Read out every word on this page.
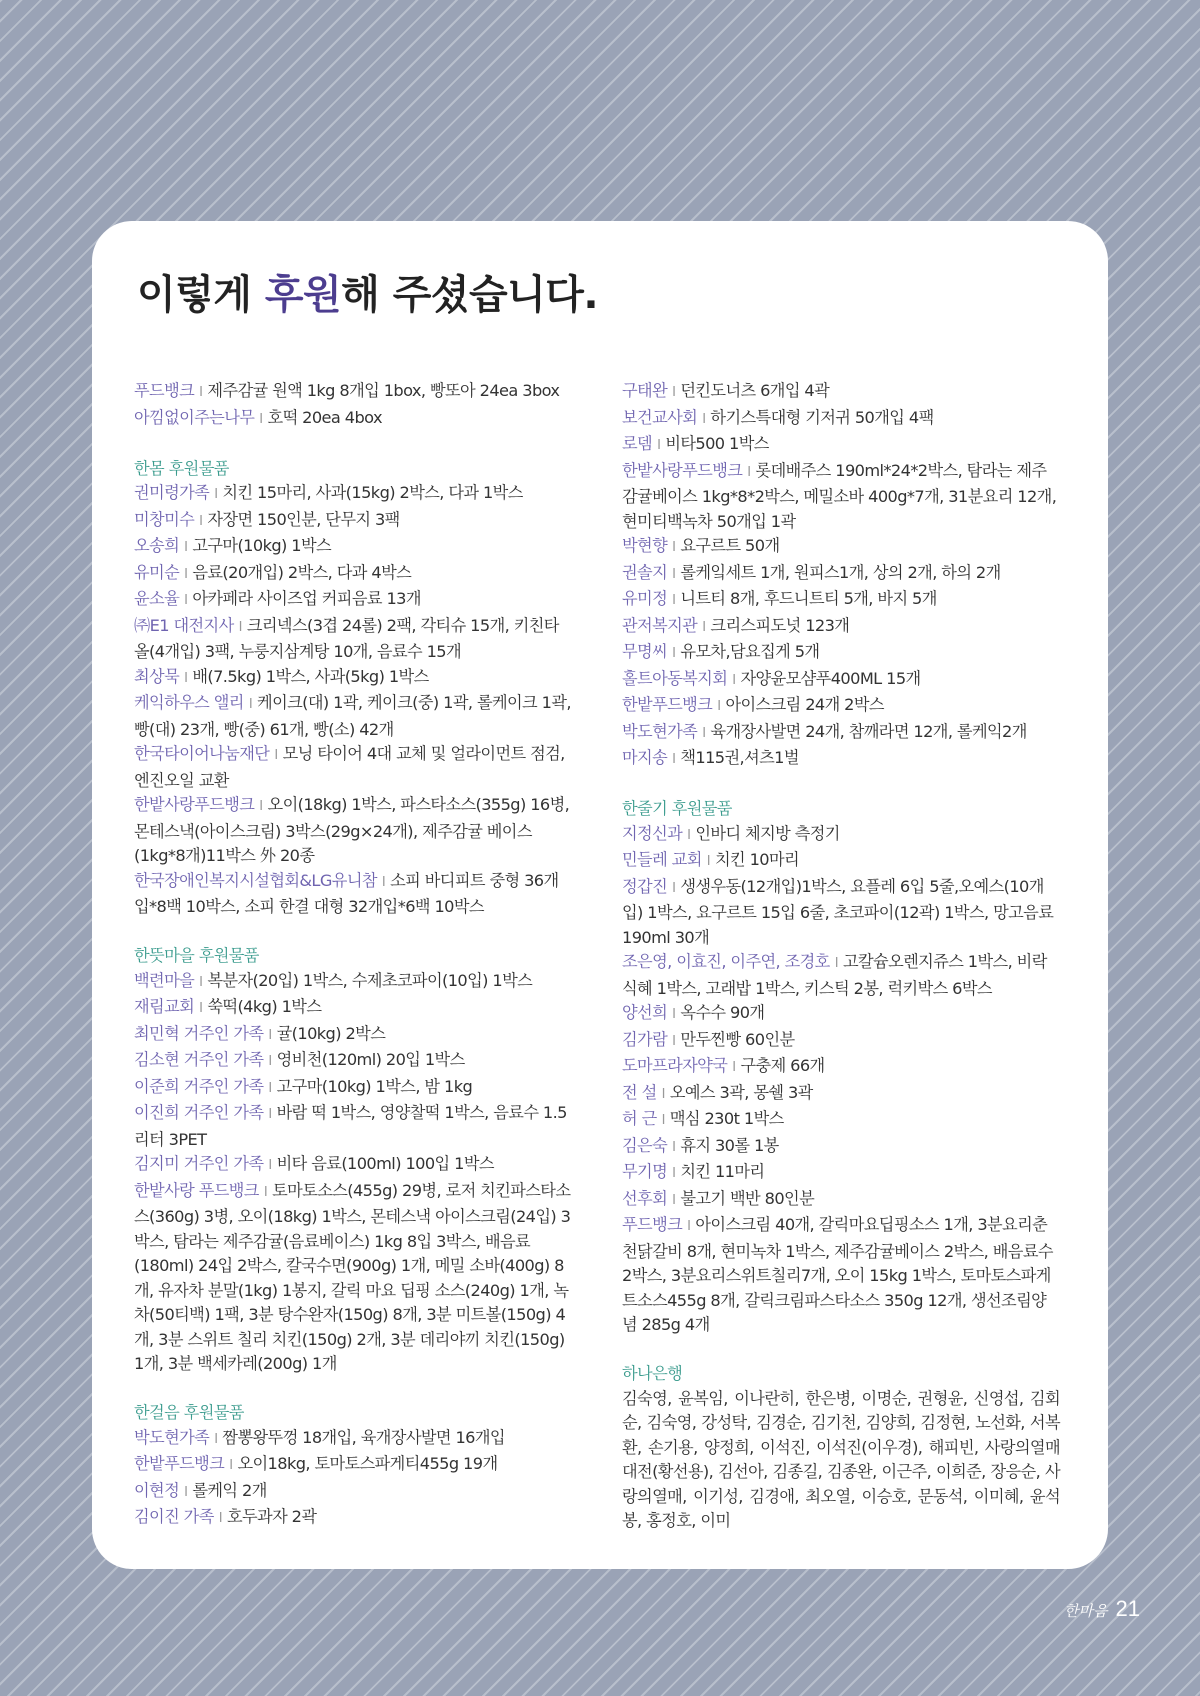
이렇게 후원해 주셨습니다.

푸드뱅크 I 제주감귤 원액 1kg 8개입 1box, 빵또아 24ea 3box

아낌없이주는나무 I 호떡 20ea 4box

한몸 후원물품

권미령가족 I 치킨 15마리, 사과(15kg) 2박스, 다과 1박스

미창미수 I 자장면 150인분, 단무지 3팩

오송희 I 고구마(10kg) 1박스

유미순 I 음료(20개입) 2박스, 다과 4박스

윤소율 I 아카페라 사이즈업 커피음료 13개

㈜E1 대전지사 I 크리넥스(3겹 24롤) 2팩, 각티슈 15개, 키친타올(4개입) 3팩, 누룽지삼계탕 10개, 음료수 15개

최상묵 I 배(7.5kg) 1박스, 사과(5kg) 1박스

케익하우스 앨리 I 케이크(대) 1곽, 케이크(중) 1곽, 롤케이크 1곽, 빵(대) 23개, 빵(중) 61개, 빵(소) 42개

한국타이어나눔재단 I 모닝 타이어 4대 교체 및 얼라이먼트 점검, 엔진오일 교환

한밭사랑푸드뱅크 I 오이(18kg) 1박스, 파스타소스(355g) 16병, 몬테스낵(아이스크림) 3박스(29g×24개), 제주감귤 베이스(1kg*8개)11박스 外 20종

한국장애인복지시설협회&LG유니참 I 소피 바디피트 중형 36개입*8백 10박스, 소피 한결 대형 32개입*6백 10박스

한뜻마을 후원물품

백련마을 I 복분자(20입) 1박스, 수제초코파이(10입) 1박스

재림교회 I 쑥떡(4kg) 1박스

최민혁 거주인 가족 I 귤(10kg) 2박스

김소현 거주인 가족 I 영비천(120ml) 20입 1박스

이준희 거주인 가족 I 고구마(10kg) 1박스, 밤 1kg

이진희 거주인 가족 I 바람 떡 1박스, 영양찰떡 1박스, 음료수 1.5리터 3PET

김지미 거주인 가족 I 비타 음료(100ml) 100입 1박스

한밭사랑 푸드뱅크 I 토마토소스(455g) 29병, 로저 치킨파스타소스(360g) 3병, 오이(18kg) 1박스, 몬테스낵 아이스크림(24입) 3박스, 탐라는 제주감귤(음료베이스) 1kg 8입 3박스, 배음료(180ml) 24입 2박스, 칼국수면(900g) 1개, 메밀 소바(400g) 8개, 유자차 분말(1kg) 1봉지, 갈릭 마요 딥핑 소스(240g) 1개, 녹차(50티백) 1팩, 3분 탕수완자(150g) 8개, 3분 미트볼(150g) 4개, 3분 스위트 칠리 치킨(150g) 2개, 3분 데리야끼 치킨(150g) 1개, 3분 백세카레(200g) 1개

한걸음 후원물품

박도현가족 I 짬뽕왕뚜껑 18개입, 육개장사발면 16개입

한밭푸드뱅크 I 오이18kg, 토마토스파게티455g 19개

이현정 I 롤케익 2개

김이진 가족 I 호두과자 2곽

구태완 I 던킨도너츠 6개입 4곽

보건교사회 I 하기스특대형 기저귀 50개입 4팩

로뎀 I 비타500 1박스

한밭사랑푸드뱅크 I 롯데배주스 190ml*24*2박스, 탐라는 제주감귤베이스 1kg*8*2박스, 메밀소바 400g*7개, 31분요리 12개, 현미티백녹차 50개입 1곽

박현향 I 요구르트 50개

권솔지 I 롤케잌세트 1개, 원피스1개, 상의 2개, 하의 2개

유미정 I 니트티 8개, 후드니트티 5개, 바지 5개

관저복지관 I 크리스피도넛 123개

무명씨 I 유모차,담요집게 5개

홀트아동복지회 I 자양윤모샴푸400ML 15개

한밭푸드뱅크 I 아이스크림 24개 2박스

박도현가족 I 육개장사발면 24개, 참깨라면 12개, 롤케익2개

마지송 I 책115권,셔츠1벌

한줄기 후원물품

지정신과 I 인바디 체지방 측정기

민들레 교회 I 치킨 10마리

정갑진 I 생생우동(12개입)1박스, 요플레 6입 5줄,오예스(10개입) 1박스, 요구르트 15입 6줄, 초코파이(12곽) 1박스, 망고음료190ml 30개

조은영, 이효진, 이주연, 조경호 I 고칼슘오렌지쥬스 1박스, 비락식혜 1박스, 고래밥 1박스, 키스틱 2봉, 럭키박스 6박스

양선희 I 옥수수 90개

김가람 I 만두찐빵 60인분

도마프라자약국 I 구충제 66개

전 설 I 오예스 3곽, 몽쉘 3곽

허 근 I 맥심 230t 1박스

김은숙 I 휴지 30롤 1봉

무기명 I 치킨 11마리

선후회 I 불고기 백반 80인분

푸드뱅크 I 아이스크림 40개, 갈릭마요딥핑소스 1개, 3분요리춘천닭갈비 8개, 현미녹차 1박스, 제주감귤베이스 2박스, 배음료수 2박스, 3분요리스위트칠리7개, 오이 15kg 1박스, 토마토스파게트소스455g 8개, 갈릭크림파스타소스 350g 12개, 생선조림양념 285g 4개

하나은행

김숙영, 윤복임, 이나란히, 한은병, 이명순, 권형윤, 신영섭, 김회순, 김숙영, 강성탁, 김경순, 김기천, 김양희, 김정현, 노선화, 서복환, 손기용, 양정희, 이석진, 이석진(이우경), 해피빈, 사랑의열매대전(황선용), 김선아, 김종길, 김종완, 이근주, 이희준, 장응순, 사랑의열매, 이기성, 김경애, 최오열, 이승호, 문동석, 이미혜, 윤석봉, 홍정호, 이미

한마음 21
